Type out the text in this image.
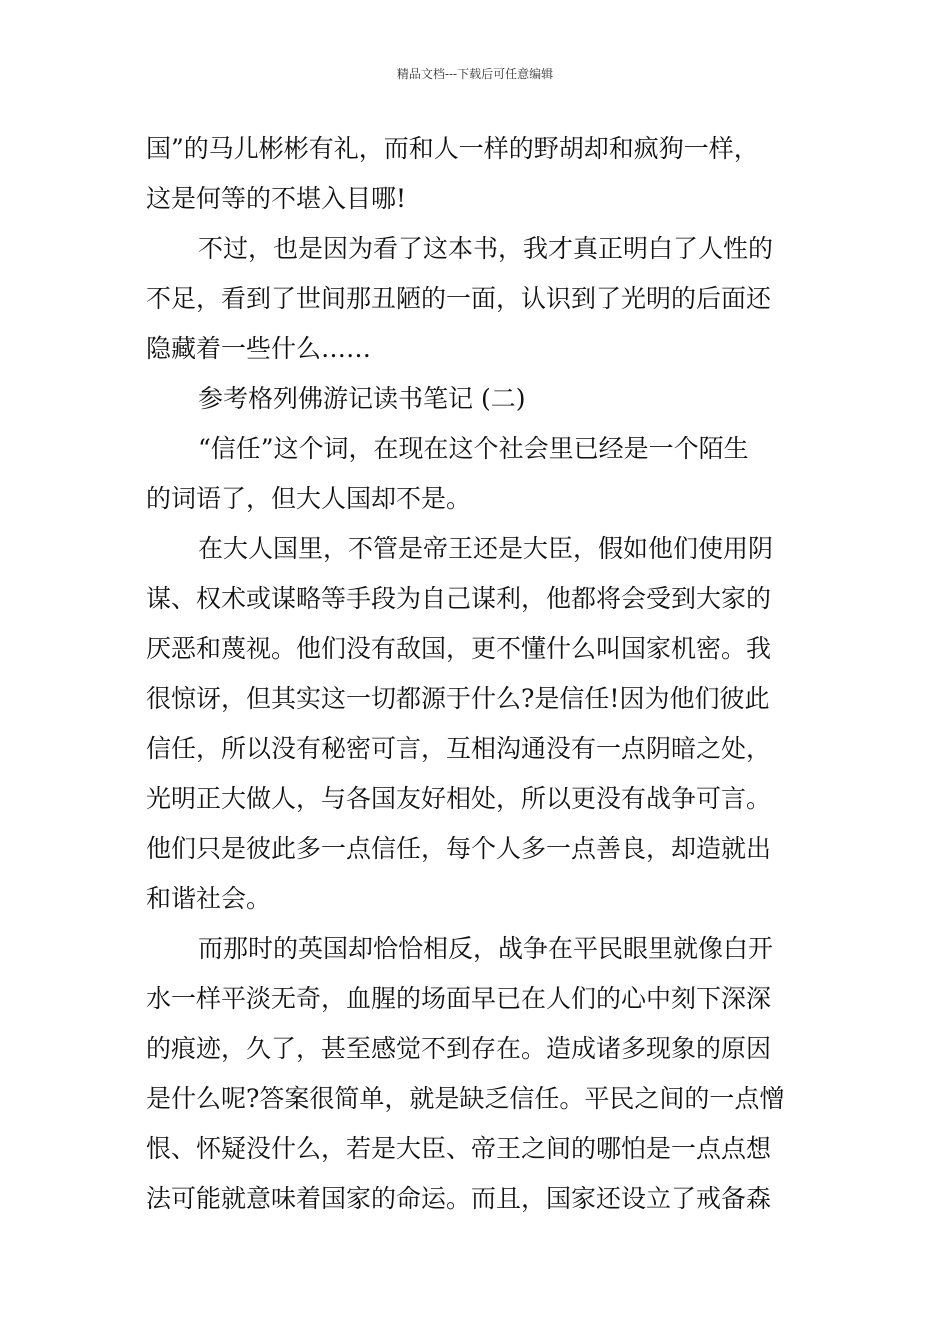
精品文档---下载后可任意编辑
国”的马儿彬彬有礼，而和人一样的野胡却和疯狗一样，
这是何等的不堪入目哪!
不过，也是因为看了这本书，我才真正明白了人性的
不足，看到了世间那丑陋的一面，认识到了光明的后面还
隐藏着一些什么……
参考格列佛游记读书笔记 (二)
“信任”这个词，在现在这个社会里已经是一个陌生
的词语了，但大人国却不是。
在大人国里，不管是帝王还是大臣，假如他们使用阴
谋、权术或谋略等手段为自己谋利，他都将会受到大家的
厌恶和蔑视。他们没有敌国，更不懂什么叫国家机密。我
很惊讶，但其实这一切都源于什么?是信任!因为他们彼此
信任，所以没有秘密可言，互相沟通没有一点阴暗之处，
光明正大做人，与各国友好相处，所以更没有战争可言。
他们只是彼此多一点信任，每个人多一点善良，却造就出
和谐社会。
而那时的英国却恰恰相反，战争在平民眼里就像白开
水一样平淡无奇，血腥的场面早已在人们的心中刻下深深
的痕迹，久了，甚至感觉不到存在。造成诸多现象的原因
是什么呢?答案很简单，就是缺乏信任。平民之间的一点憎
恨、怀疑没什么，若是大臣、帝王之间的哪怕是一点点想
法可能就意味着国家的命运。而且，国家还设立了戒备森
